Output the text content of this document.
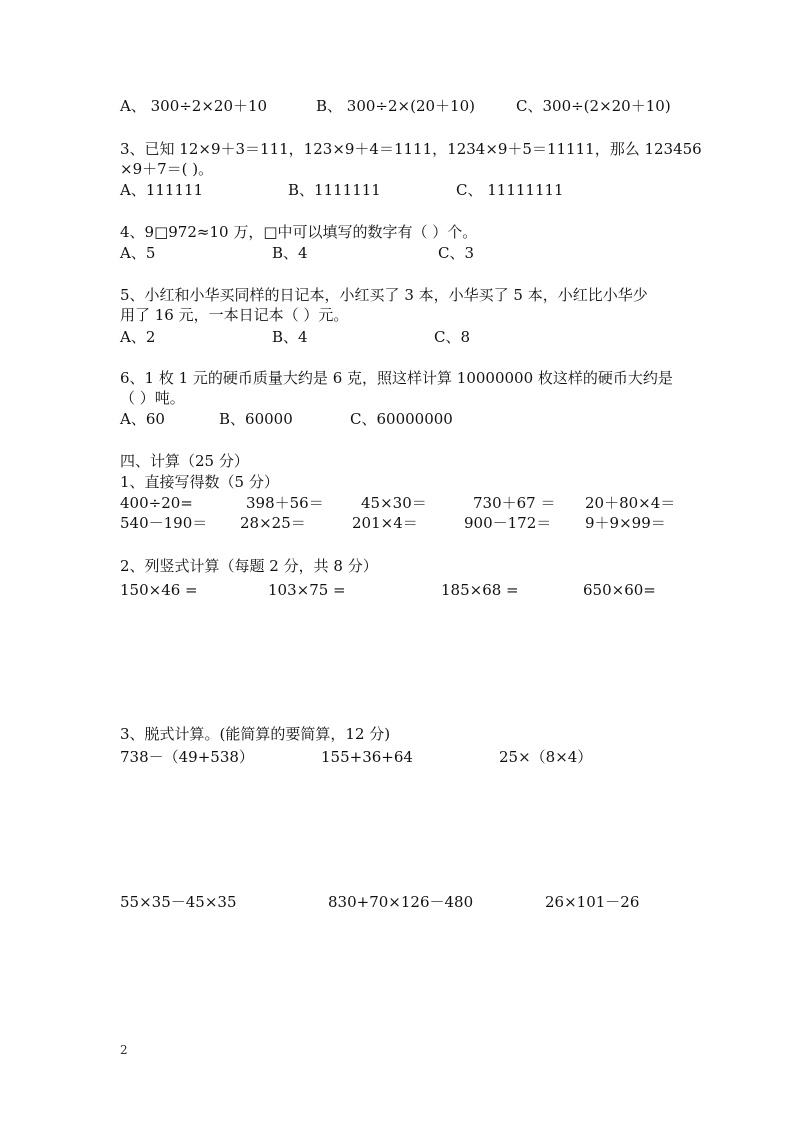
A、 300÷2×20＋10	B、 300÷2×(20＋10)	C、300÷(2×20＋10)
3、已知 12×9＋3＝111，123×9＋4＝1111，1234×9＋5＝11111，那么 123456
×9＋7＝( )。
A、111111	B、1111111	C、 11111111
4、9□972≈10 万，□中可以填写的数字有（ ）个。
A、5	B、4	C、3
5、小红和小华买同样的日记本，小红买了 3 本，小华买了 5 本，小红比小华少
用了 16 元，一本日记本（ ）元。
A、2	B、4	C、8
6、1 枚 1 元的硬币质量大约是 6 克，照这样计算 10000000 枚这样的硬币大约是
（ ）吨。
A、60	B、60000	C、60000000
四、计算（25 分）
1、直接写得数（5 分）
400÷20=	398＋56＝ 45×30＝	730＋67 ＝ 20＋80×4＝
540－190＝ 28×25＝	201×4＝	900－172＝ 9＋9×99＝
2、列竖式计算（每题 2 分，共 8 分）
150×46 =	103×75 =	185×68 =	650×60=
3、脱式计算。(能简算的要简算，12 分)
738－（49+538）	155+36+64	25×（8×4）
55×35－45×35	830+70×126－480	26×101－26
2
